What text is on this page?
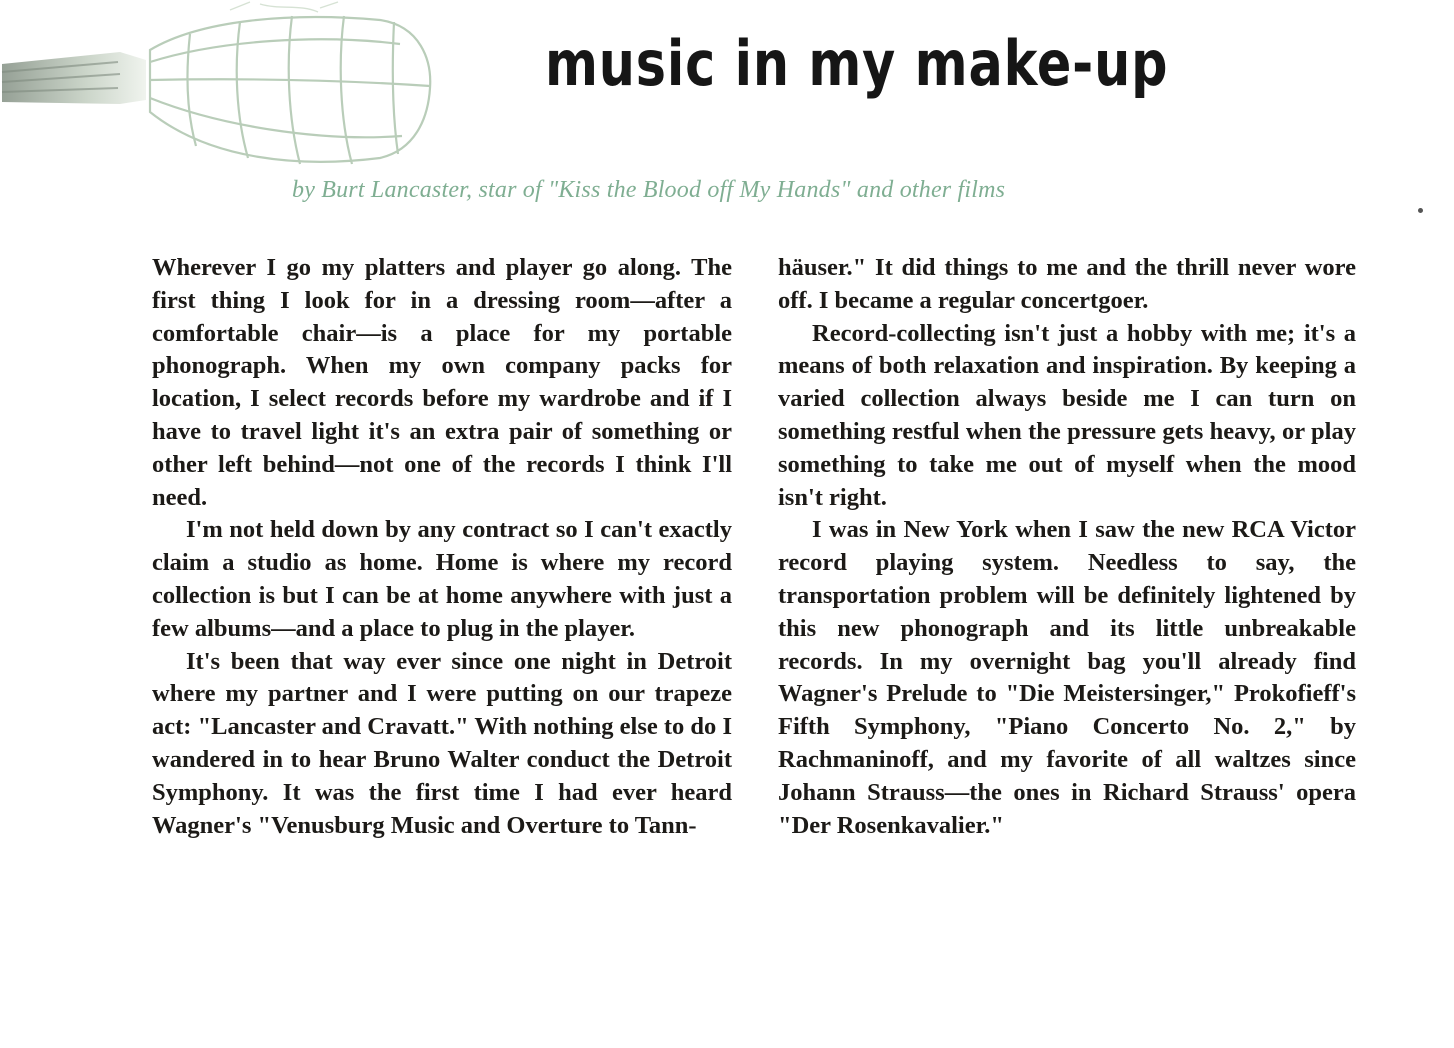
music in my make-up
by Burt Lancaster, star of "Kiss the Blood off My Hands" and other films

Wherever I go my platters and player go along. The first thing I look for in a dressing room—after a comfortable chair—is a place for my portable phonograph. When my own company packs for location, I select records before my wardrobe and if I have to travel light it's an extra pair of something or other left behind—not one of the records I think I'll need.

I'm not held down by any contract so I can't exactly claim a studio as home. Home is where my record collection is but I can be at home anywhere with just a few albums—and a place to plug in the player.

It's been that way ever since one night in Detroit where my partner and I were putting on our trapeze act: "Lancaster and Cravatt." With nothing else to do I wandered in to hear Bruno Walter conduct the Detroit Symphony. It was the first time I had ever heard Wagner's "Venusburg Music and Overture to Tann-

häuser." It did things to me and the thrill never wore off. I became a regular concertgoer.

Record-collecting isn't just a hobby with me; it's a means of both relaxation and inspiration. By keeping a varied collection always beside me I can turn on something restful when the pressure gets heavy, or play something to take me out of myself when the mood isn't right.

I was in New York when I saw the new RCA Victor record playing system. Needless to say, the transportation problem will be definitely lightened by this new phonograph and its little unbreakable records. In my overnight bag you'll already find Wagner's Prelude to "Die Meistersinger," Prokofieff's Fifth Symphony, "Piano Concerto No. 2," by Rachmaninoff, and my favorite of all waltzes since Johann Strauss—the ones in Richard Strauss' opera "Der Rosenkavalier."
